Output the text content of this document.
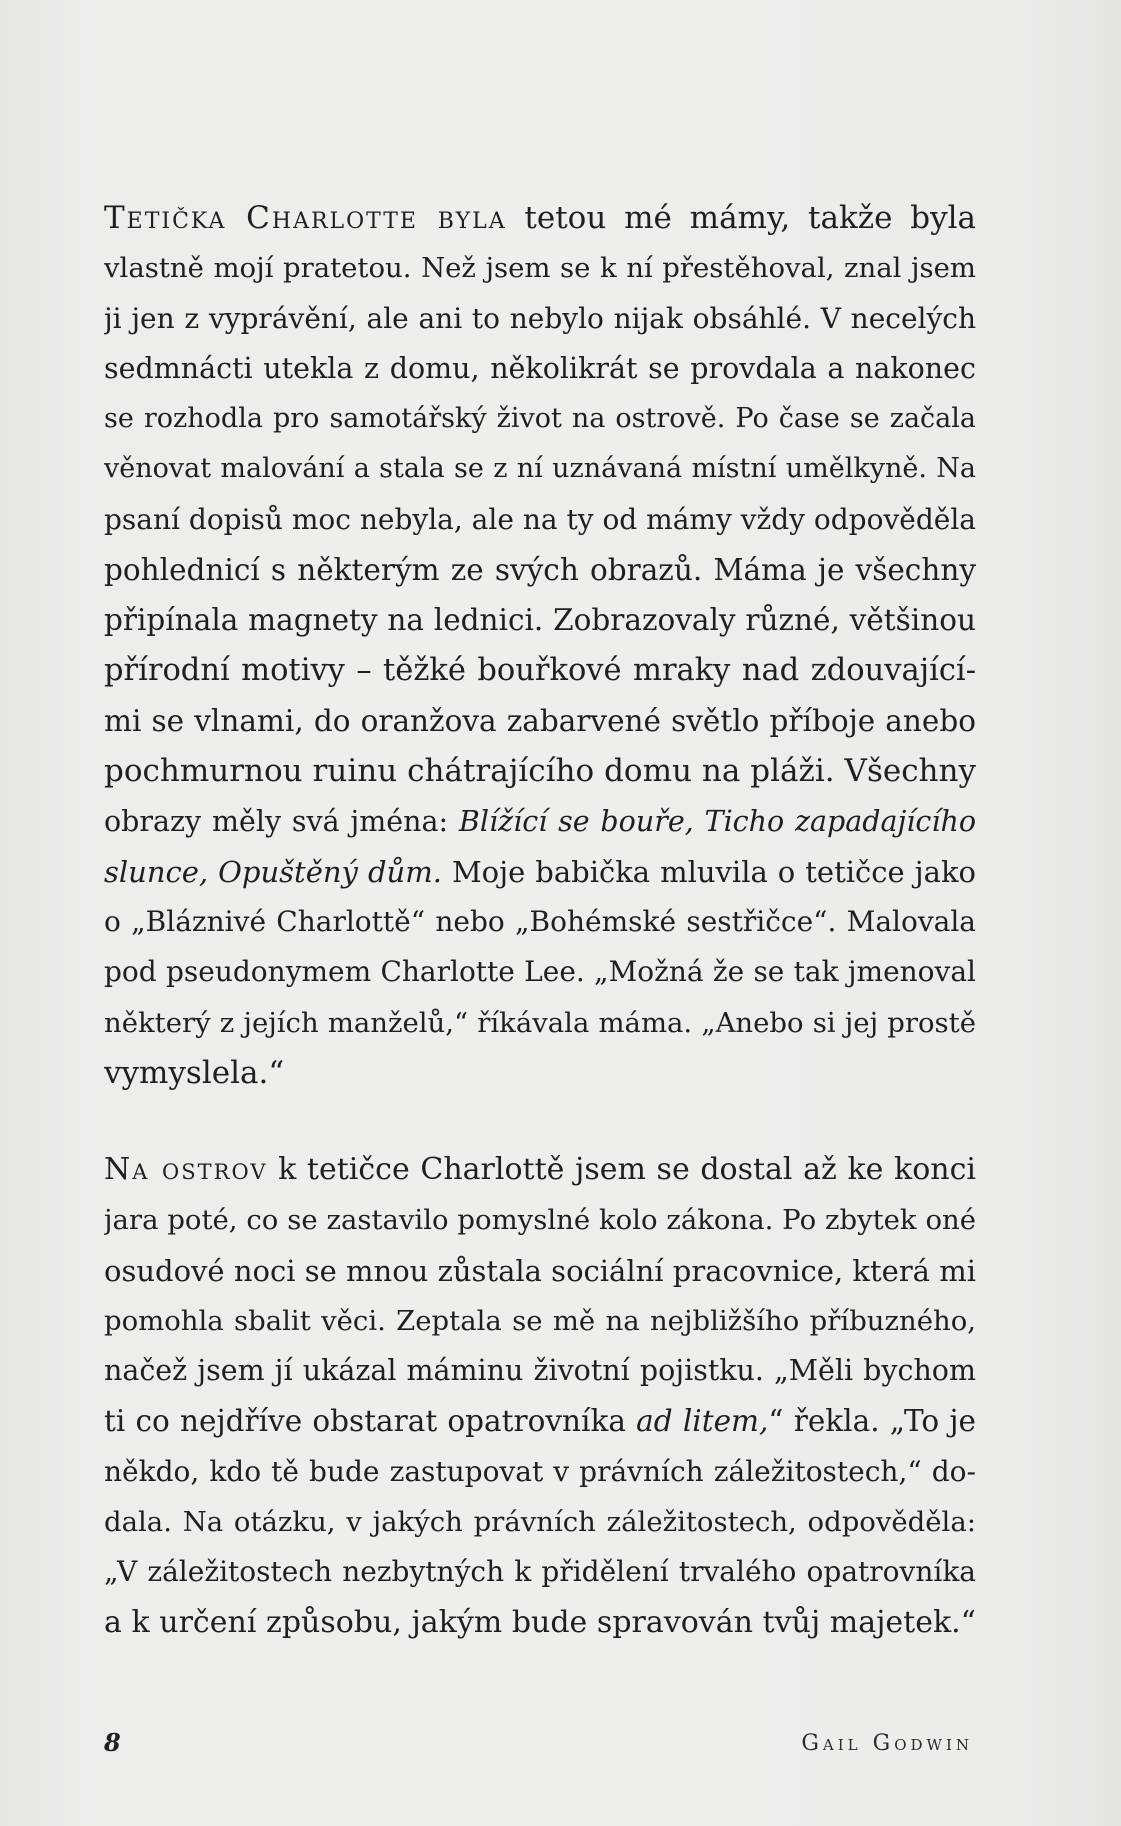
Tetička Charlotte byla tetou mé mámy, takže byla
vlastně mojí pratetou. Než jsem se k ní přestěhoval, znal jsem
ji jen z vyprávění, ale ani to nebylo nijak obsáhlé. V necelých
sedmnácti utekla z domu, několikrát se provdala a nakonec
se rozhodla pro samotářský život na ostrově. Po čase se začala
věnovat malování a stala se z ní uznávaná místní umělkyně. Na
psaní dopisů moc nebyla, ale na ty od mámy vždy odpověděla
pohlednicí s některým ze svých obrazů. Máma je všechny
připínala magnety na lednici. Zobrazovaly různé, většinou
přírodní motivy – těžké bouřkové mraky nad zdouvající-
mi se vlnami, do oranžova zabarvené světlo příboje anebo
pochmurnou ruinu chátrajícího domu na pláži. Všechny
obrazy měly svá jména: Blížící se bouře, Ticho zapadajícího
slunce, Opuštěný dům. Moje babička mluvila o tetičce jako
o „Bláznivé Charlottě“ nebo „Bohémské sestřičce“. Malovala
pod pseudonymem Charlotte Lee. „Možná že se tak jmenoval
některý z jejích manželů,“ říkávala máma. „Anebo si jej prostě
vymyslela.“
Na ostrov k tetičce Charlottě jsem se dostal až ke konci
jara poté, co se zastavilo pomyslné kolo zákona. Po zbytek oné
osudové noci se mnou zůstala sociální pracovnice, která mi
pomohla sbalit věci. Zeptala se mě na nejbližšího příbuzného,
načež jsem jí ukázal máminu životní pojistku. „Měli bychom
ti co nejdříve obstarat opatrovníka ad litem,“ řekla. „To je
někdo, kdo tě bude zastupovat v právních záležitostech,“ do-
dala. Na otázku, v jakých právních záležitostech, odpověděla:
„V záležitostech nezbytných k přidělení trvalého opatrovníka
a k určení způsobu, jakým bude spravován tvůj majetek.“
8	Gail Godwin
